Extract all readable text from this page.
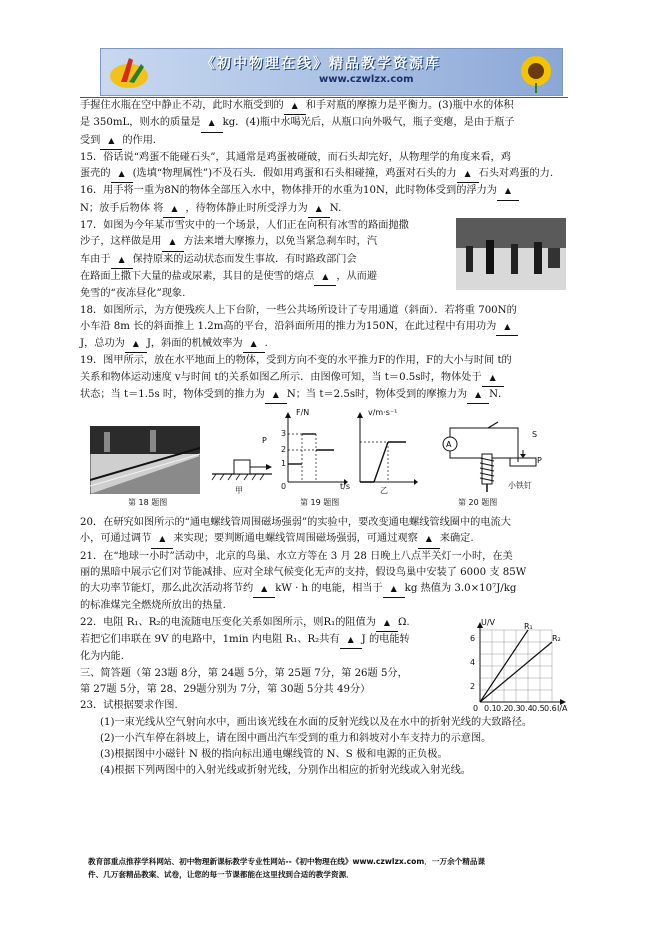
《初中物理在线》精品教学资源库
www.czwlzx.com

手握住水瓶在空中静止不动，此时水瓶受到的 ▲ 和手对瓶的摩擦力是平衡力。(3)瓶中水的体积

是 350mL，则水的质量是 ▲ kg．(4)瓶中水喝光后，从瓶口向外吸气，瓶子变瘪，是由于瓶子

受到 ▲ 的作用．

15．俗话说“鸡蛋不能碰石头”，其通常是鸡蛋被碰破，而石头却完好，从物理学的角度来看，鸡

蛋壳的 ▲ (选填“物理属性”)不及石头．假如用鸡蛋和石头相碰撞，鸡蛋对石头的力 ▲ 石头对鸡蛋的力.

16．用手将一重为8N的物体全部压入水中，物体排开的水重为10N，此时物体受到的浮力为 ▲

N；放手后物体 将 ▲ ，待物体静止时所受浮力为 ▲ N.

17．如图为今年某市雪灾中的一个场景，人们正在向积有冰雪的路面抛撒

沙子，这样做是用 ▲ 方法来增大摩擦力，以免当紧急刹车时，汽

车由于 ▲ 保持原来的运动状态而发生事故．有时路政部门会

在路面上撒下大量的盐或尿素，其目的是使雪的熔点 ▲ ，从而避

免雪的“夜冻昼化”现象.

18．如图所示，为方便残疾人上下台阶，一些公共场所设计了专用通道（斜面）．若将重 700N的

小车沿 8m 长的斜面推上 1.2m高的平台，沿斜面所用的推力为150N，在此过程中有用功为 ▲

J，总功为 ▲ J，斜面的机械效率为 ▲ .

19．图甲所示，放在水平地面上的物体，受到方向不变的水平推力F的作用，F的大小与时间 t的

关系和物体运动速度 v与时间 t的关系如图乙所示．由图像可知，当 t＝0.5s时，物体处于 ▲

状态；当 t＝1.5s 时，物体受到的推力为 ▲ N；当 t＝2.5s时，物体受到的摩擦力为 ▲ N．

第 18 题图
P
甲
F/N
3
2
1
0	t/s
v/m·s⁻¹
乙
第 19 题图
A
S
P
小铁钉
第 20 题图

20．在研究如图所示的“通电螺线管周围磁场强弱”的实验中，要改变通电螺线管线圈中的电流大

小，可通过调节 ▲ 来实现；要判断通电螺线管周围磁场强弱，可通过观察 ▲ 来确定.

21．在“地球一小时”活动中，北京的鸟巢、水立方等在 3 月 28 日晚上八点半关灯一小时，在美

丽的黑暗中展示它们对节能减排、应对全球气候变化无声的支持，假设鸟巢中安装了 6000 支 85W

的大功率节能灯，那么此次活动将节约 ▲ kW · h 的电能，相当于 ▲ kg 热值为 3.0×10⁷J/kg

的标准煤完全燃烧所放出的热量.

22．电阻 R₁、R₂的电流随电压变化关系如图所示，则R₁的阻值为 ▲ Ω.

若把它们串联在 9V 的电路中，1min 内电阻 R₁、R₂共有 ▲ J 的电能转

化为内能.

三、简答题（第 23题 8分，第 24题 5分，第 25题 7分，第 26题 5分，

第 27题 5分，第 28、29题分别为 7分，第 30题 5分共 49分）

23．试根据要求作图.

(1)一束光线从空气射向水中，画出该光线在水面的反射光线以及在水中的折射光线的大致路径。

(2)一小汽车停在斜坡上，请在图中画出汽车受到的重力和斜坡对小车支持力的示意图。

(3)根据图中小磁针 N 极的指向标出通电螺线管的 N、S 极和电源的正负极。

(4)根据下列两图中的入射光线或折射光线，分别作出相应的折射光线或入射光线。

U/V	R₁
R₂
6
4
2
0 0.1 0.2 0.3 0.4 0.5 0.6 I/A

教育部重点推荐学科网站、初中物理新课标教学专业性网站--《初中物理在线》www.czwlzx.com．一万余个精品课

件、几万套精品教案、试卷，让您的每一节课都能在这里找到合适的教学资源．
